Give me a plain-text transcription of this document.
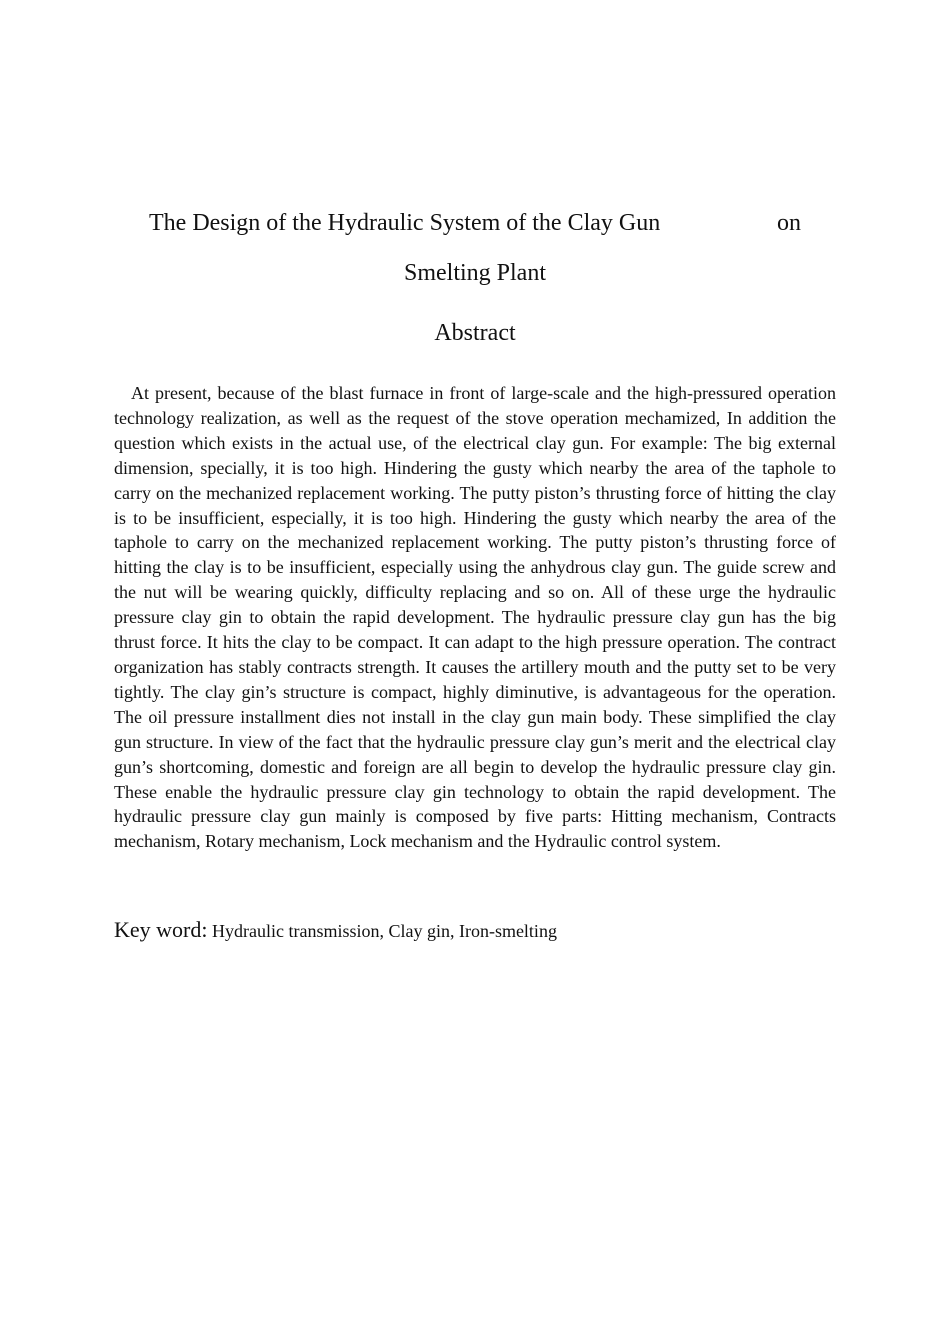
The Design of the Hydraulic System of the Clay Gun	on
Smelting Plant
Abstract

At present, because of the blast furnace in front of large-scale and the high-pressured operation technology realization, as well as the request of the stove operation mechamized, In addition the question which exists in the actual use, of the electrical clay gun. For example: The big external dimension, specially, it is too high. Hindering the gusty which nearby the area of the taphole to carry on the mechanized replacement working. The putty piston’s thrusting force of hitting the clay is to be insufficient, especially, it is too high. Hindering the gusty which nearby the area of the taphole to carry on the mechanized replacement working. The putty piston’s thrusting force of hitting the clay is to be insufficient, especially using the anhydrous clay gun. The guide screw and the nut will be wearing quickly, difficulty replacing and so on. All of these urge the hydraulic pressure clay gin to obtain the rapid development. The hydraulic pressure clay gun has the big thrust force. It hits the clay to be compact. It can adapt to the high pressure operation. The contract organization has stably contracts strength. It causes the artillery mouth and the putty set to be very tightly. The clay gin’s structure is compact, highly diminutive, is advantageous for the operation. The oil pressure installment dies not install in the clay gun main body. These simplified the clay gun structure. In view of the fact that the hydraulic pressure clay gun’s merit and the electrical clay gun’s shortcoming, domestic and foreign are all begin to develop the hydraulic pressure clay gin. These enable the hydraulic pressure clay gin technology to obtain the rapid development. The hydraulic pressure clay gun mainly is composed by five parts: Hitting mechanism, Contracts mechanism, Rotary mechanism, Lock mechanism and the Hydraulic control system.

Key word: Hydraulic transmission, Clay gin, Iron-smelting
